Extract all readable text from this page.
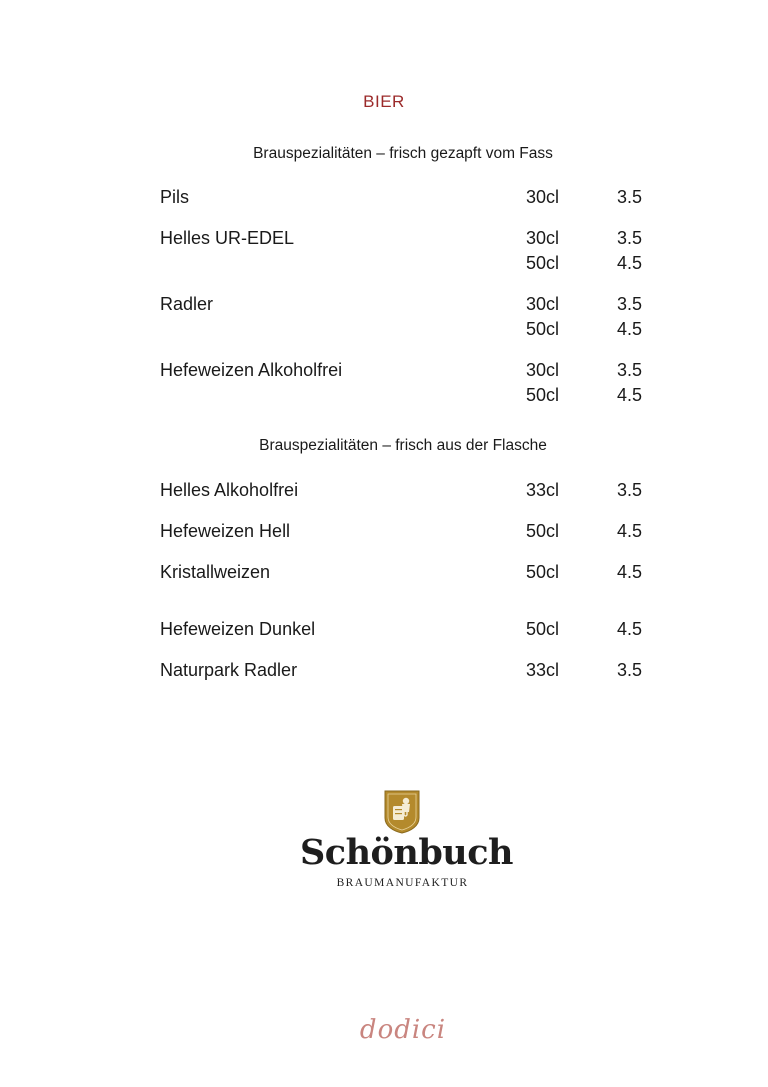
BIER
Brauspezialitäten – frisch gezapft vom Fass
Pils	30cl	3.5
Helles UR-EDEL	30cl	3.5
50cl	4.5
Radler	30cl	3.5
50cl	4.5
Hefeweizen Alkoholfrei	30cl	3.5
50cl	4.5
Brauspezialitäten – frisch aus der Flasche
Helles Alkoholfrei	33cl	3.5
Hefeweizen Hell	50cl	4.5
Kristallweizen	50cl	4.5
Hefeweizen Dunkel	50cl	4.5
Naturpark Radler	33cl	3.5
Schönbuch
BRAUMANUFAKTUR
dodici
